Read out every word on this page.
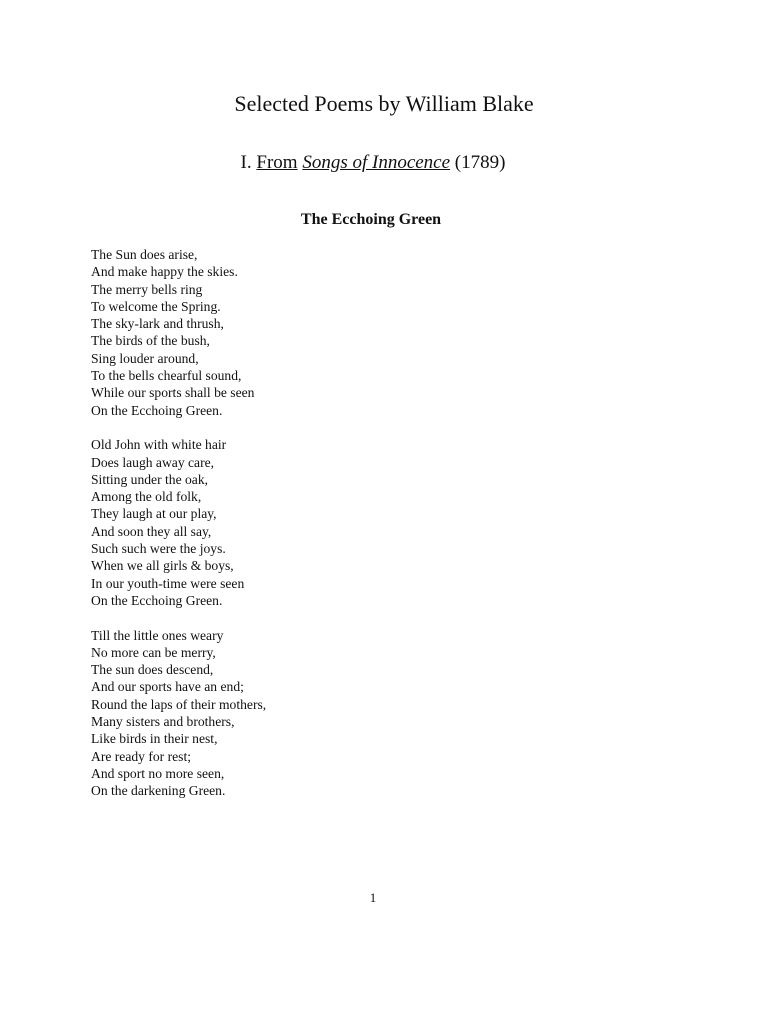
Selected Poems by William Blake
I. From Songs of Innocence (1789)
The Ecchoing Green
The Sun does arise,
And make happy the skies.
The merry bells ring
To welcome the Spring.
The sky-lark and thrush,
The birds of the bush,
Sing louder around,
To the bells chearful sound,
While our sports shall be seen
On the Ecchoing Green.
Old John with white hair
Does laugh away care,
Sitting under the oak,
Among the old folk,
They laugh at our play,
And soon they all say,
Such such were the joys.
When we all girls & boys,
In our youth-time were seen
On the Ecchoing Green.
Till the little ones weary
No more can be merry,
The sun does descend,
And our sports have an end;
Round the laps of their mothers,
Many sisters and brothers,
Like birds in their nest,
Are ready for rest;
And sport no more seen,
On the darkening Green.
1
